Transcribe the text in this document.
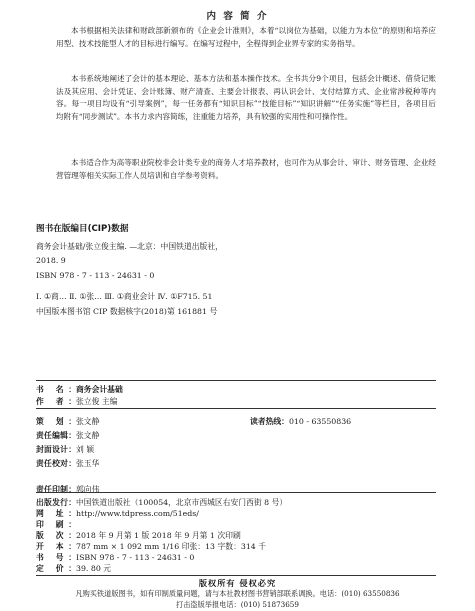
内 容 简 介

本书根据相关法律和财政部新颁布的《企业会计准则》，本着“以岗位为基础，以能力为本位”的原则和培养应用型、技术技能型人才的目标进行编写。在编写过程中，全程得到企业界专家的实务指导。

本书系统地阐述了会计的基本理论、基本方法和基本操作技术。全书共分9个项目，包括会计概述、借贷记账法及其应用、会计凭证、会计账簿、财产清查、主要会计报表、再认识会计、支付结算方式、企业常涉税种等内容。每一项目均设有“引导案例”，每一任务都有“知识目标”“技能目标”“知识讲解”“任务实施”等栏目，各项目后均附有“同步测试”。本书力求内容简练，注重能力培养，具有较强的实用性和可操作性。

本书适合作为高等职业院校非会计类专业的商务人才培养教材，也可作为从事会计、审计、财务管理、企业经营管理等相关实际工作人员培训和自学参考资料。

图书在版编目(CIP)数据
商务会计基础/张立俊主编. —北京：中国铁道出版社，
2018. 9
ISBN 978 - 7 - 113 - 24631 - 0
Ⅰ. ①商… Ⅱ. ①张… Ⅲ. ①商业会计 Ⅳ. ①F715. 51
中国版本图书馆 CIP 数据核字(2018)第 161881 号
书 名：商务会计基础
作 者：张立俊 主编
策 划：张文静	读者热线：010 - 63550836
责任编辑：张文静
封面设计：刘 颖
责任校对：张玉华
责任印制：郭向伟
出版发行：中国铁道出版社（100054，北京市西城区右安门西街 8 号）
网 址：http://www.tdpress.com/51eds/
印 刷：
版 次：2018 年 9 月第 1 版 2018 年 9 月第 1 次印刷
开 本：787 mm × 1 092 mm 1/16 印张：13 字数：314 千
书 号：ISBN 978 - 7 - 113 - 24631 - 0
定 价：39. 80 元
版权所有 侵权必究
凡购买铁道版图书，如有印制质量问题，请与本社教材图书营销部联系调换。电话：(010) 63550836
打击盗版举报电话：(010) 51873659
